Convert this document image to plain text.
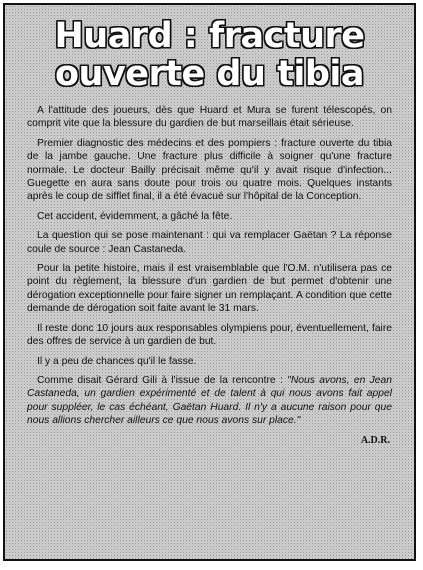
Huard : fracture ouverte du tibia

A l'attitude des joueurs, dès que Huard et Mura se furent télescopés, on comprit vite que la blessure du gardien de but marseillais était sérieuse.

Premier diagnostic des médecins et des pompiers : fracture ouverte du tibia de la jambe gauche. Une fracture plus difficile à soigner qu'une fracture normale. Le docteur Bailly précisait même qu'il y avait risque d'infection... Guegette en aura sans doute pour trois ou quatre mois. Quelques instants après le coup de sifflet final, il a été évacué sur l'hôpital de la Conception.

Cet accident, évidemment, a gâché la fête.

La question qui se pose maintenant : qui va remplacer Gaëtan ? La réponse coule de source : Jean Castaneda.

Pour la petite histoire, mais il est vraisemblable que l'O.M. n'utilisera pas ce point du règlement, la blessure d'un gardien de but permet d'obtenir une dérogation exceptionnelle pour faire signer un remplaçant. A condition que cette demande de dérogation soit faite avant le 31 mars.

Il reste donc 10 jours aux responsables olympiens pour, éventuellement, faire des offres de service à un gardien de but.

Il y a peu de chances qu'il le fasse.

Comme disait Gérard Gili à l'issue de la rencontre : "Nous avons, en Jean Castaneda, un gardien expérimenté et de talent à qui nous avons fait appel pour suppléer, le cas échéant, Gaëtan Huard. Il n'y a aucune raison pour que nous allions chercher ailleurs ce que nous avons sur place."

A.D.R.
